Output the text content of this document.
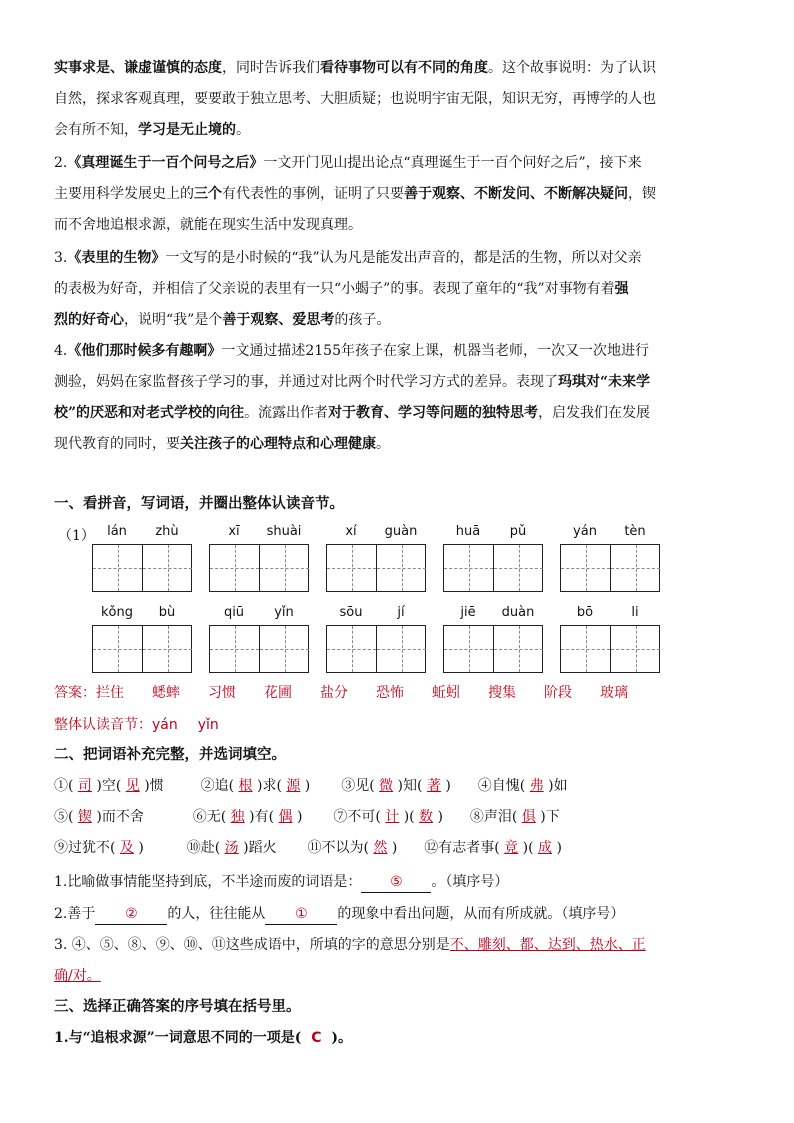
实事求是、谦虚谨慎的态度，同时告诉我们看待事物可以有不同的角度。这个故事说明：为了认识
自然，探求客观真理，要要敢于独立思考、大胆质疑；也说明宇宙无限，知识无穷，再博学的人也
会有所不知，学习是无止境的。
2.《真理诞生于一百个问号之后》一文开门见山提出论点“真理诞生于一百个问好之后”，接下来
主要用科学发展史上的三个有代表性的事例，证明了只要善于观察、不断发问、不断解决疑问，锲
而不舍地追根求源，就能在现实生活中发现真理。
3.《表里的生物》一文写的是小时候的“我”认为凡是能发出声音的，都是活的生物，所以对父亲
的表极为好奇，并相信了父亲说的表里有一只“小蝎子”的事。表现了童年的“我”对事物有着强
烈的好奇心，说明“我”是个善于观察、爱思考的孩子。
4.《他们那时候多有趣啊》一文通过描述2155年孩子在家上课，机器当老师，一次又一次地进行
测验，妈妈在家监督孩子学习的事，并通过对比两个时代学习方式的差异。表现了玛琪对“未来学
校”的厌恶和对老式学校的向往。流露出作者对于教育、学习等问题的独特思考，启发我们在发展
现代教育的同时，要关注孩子的心理特点和心理健康。
一、看拼音，写词语，并圈出整体认读音节。
（1） lán	zhù	xī	shuài	xí	guàn	huā	pǔ	yán	tèn
kǒng	bù	qiū	yǐn	sōu	jí	jiē	duàn	bō	li
答案：拦住 蟋蟀 习惯 花圃 盐分 恐怖 蚯蚓 搜集 阶段 玻璃
整体认读音节：yán yǐn
二、把词语补充完整，并选词填空。
①( 司 )空( 见 )惯	②追( 根 )求( 源 )  ③见( 微 )知( 著 )  ④自愧( 弗 )如
⑤( 锲 )而不舍	⑥无( 独 )有( 偶 )  ⑦不可( 计 )( 数 )  ⑧声泪( 俱 )下
⑨过犹不( 及 )	⑩赴( 汤 )蹈火 ⑪不以为( 然 )  ⑫有志者事( 竟 )( 成 )
1.比喻做事情能坚持到底，不半途而废的词语是： ⑤ 。（填序号）
2.善于 ② 的人，往往能从 ① 的现象中看出问题，从而有所成就。（填序号）
3. ④、⑤、⑧、⑨、⑩、⑪这些成语中，所填的字的意思分别是不、雕刻、都、达到、热水、正
确/对。
三、选择正确答案的序号填在括号里。
1.与“追根求源”一词意思不同的一项是( C )。
